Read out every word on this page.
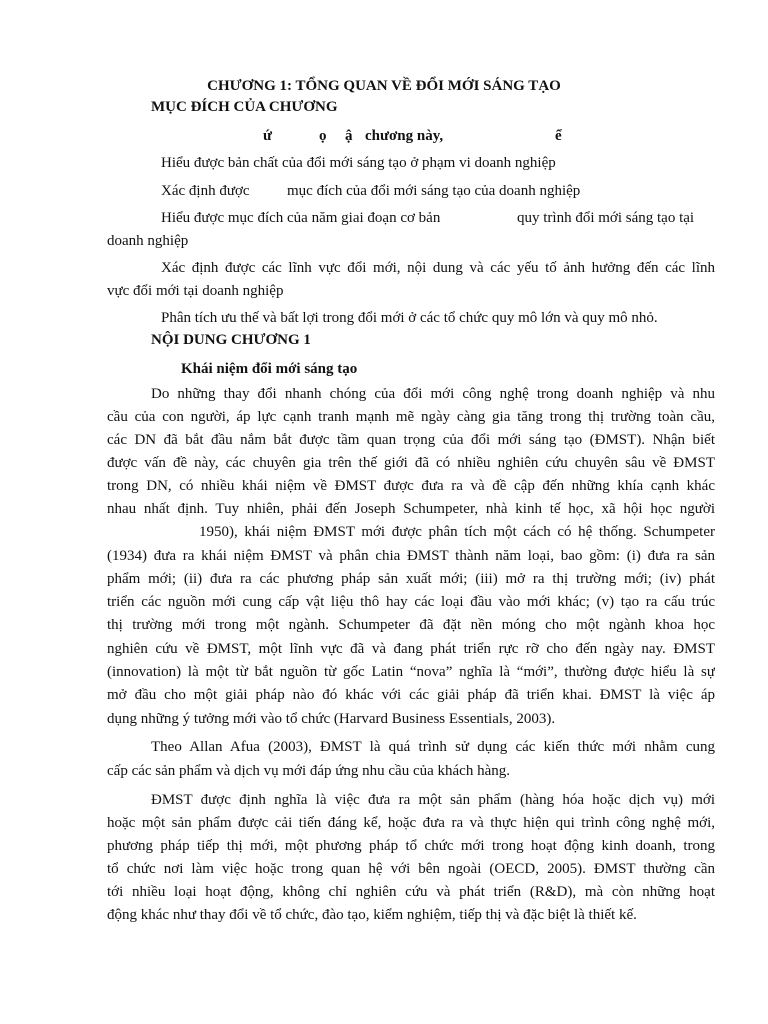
CHƯƠNG 1: TỔNG QUAN VỀ ĐỔI MỚI SÁNG TẠO
MỤC ĐÍCH CỦA CHƯƠNG
ứ	ọ ậ chương này,	ể
Hiểu được bản chất của đổi mới sáng tạo ở phạm vi doanh nghiệp
Xác định được mục đích của đổi mới sáng tạo của doanh nghiệp
Hiểu được mục đích của năm giai đoạn cơ bản	quy trình đổi mới sáng tạo tại
doanh nghiệp
Xác định được các lĩnh vực đổi mới, nội dung và các yếu tố ảnh hưởng đến các lĩnh
vực đổi mới tại doanh nghiệp
Phân tích ưu thế và bất lợi trong đổi mới ở các tổ chức quy mô lớn và quy mô nhỏ.
NỘI DUNG CHƯƠNG 1
Khái niệm đổi mới sáng tạo
Do những thay đổi nhanh chóng của đổi mới công nghệ trong doanh nghiệp và nhu
cầu của con người, áp lực cạnh tranh mạnh mẽ ngày càng gia tăng trong thị trường toàn cầu,
các DN đã bắt đầu nắm bắt được tầm quan trọng của đổi mới sáng tạo (ĐMST). Nhận biết
được vấn đề này, các chuyên gia trên thế giới đã có nhiều nghiên cứu chuyên sâu về ĐMST
trong DN, có nhiều khái niệm về ĐMST được đưa ra và đề cập đến những khía cạnh khác
nhau nhất định. Tuy nhiên, phải đến Joseph Schumpeter, nhà kinh tế học, xã hội học người
1950), khái niệm ĐMST mới được phân tích một cách có hệ thống. Schumpeter
(1934) đưa ra khái niệm ĐMST và phân chia ĐMST thành năm loại, bao gồm: (i) đưa ra sản
phẩm mới; (ii) đưa ra các phương pháp sản xuất mới; (iii) mở ra thị trường mới; (iv) phát
triển các nguồn mới cung cấp vật liệu thô hay các loại đầu vào mới khác; (v) tạo ra cấu trúc
thị trường mới trong một ngành. Schumpeter đã đặt nền móng cho một ngành khoa học
nghiên cứu về ĐMST, một lĩnh vực đã và đang phát triển rực rỡ cho đến ngày nay. ĐMST
(innovation) là một từ bắt nguồn từ gốc Latin “nova” nghĩa là “mới”, thường được hiểu là sự
mở đầu cho một giải pháp nào đó khác với các giải pháp đã triển khai. ĐMST là việc áp
dụng những ý tưởng mới vào tổ chức (Harvard Business Essentials, 2003).
Theo Allan Afua (2003), ĐMST là quá trình sử dụng các kiến thức mới nhằm cung
cấp các sản phẩm và dịch vụ mới đáp ứng nhu cầu của khách hàng.
ĐMST được định nghĩa là việc đưa ra một sản phẩm (hàng hóa hoặc dịch vụ) mới
hoặc một sản phẩm được cải tiến đáng kể, hoặc đưa ra và thực hiện qui trình công nghệ mới,
phương pháp tiếp thị mới, một phương pháp tổ chức mới trong hoạt động kinh doanh, trong
tổ chức nơi làm việc hoặc trong quan hệ với bên ngoài (OECD, 2005). ĐMST thường cần
tới nhiều loại hoạt động, không chỉ nghiên cứu và phát triển (R&D), mà còn những hoạt
động khác như thay đổi về tổ chức, đào tạo, kiểm nghiệm, tiếp thị và đặc biệt là thiết kế.
